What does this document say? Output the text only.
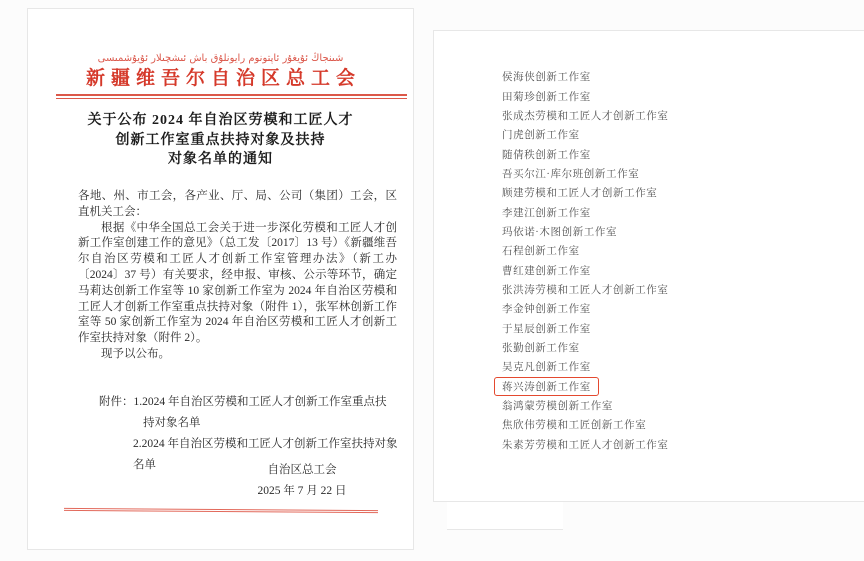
شىنجاڭ ئۇيغۇر ئاپتونوم رايونلۇق باش ئىشچىلار ئۇيۇشمىسى
新疆维吾尔自治区总工会
关于公布 2024 年自治区劳模和工匠人才
创新工作室重点扶持对象及扶持
对象名单的通知

各地、州、市工会，各产业、厅、局、公司（集团）工会，区直机关工会：

根据《中华全国总工会关于进一步深化劳模和工匠人才创新工作室创建工作的意见》（总工发〔2017〕13 号）《新疆维吾尔自治区劳模和工匠人才创新工作室管理办法》（新工办〔2024〕37 号）有关要求，经申报、审核、公示等环节，确定马莉达创新工作室等 10 家创新工作室为 2024 年自治区劳模和工匠人才创新工作室重点扶持对象（附件 1），张军林创新工作室等 50 家创新工作室为 2024 年自治区劳模和工匠人才创新工作室扶持对象（附件 2）。

现予以公布。

附件：1.2024 年自治区劳模和工匠人才创新工作室重点扶
持对象名单
2.2024 年自治区劳模和工匠人才创新工作室扶持对象名单	自治区总工会
2025 年 7 月 22 日
侯海侠创新工作室
田菊珍创新工作室
张成杰劳模和工匠人才创新工作室
门虎创新工作室
随倩秩创新工作室
吾买尔江·库尔班创新工作室
顾建劳模和工匠人才创新工作室
李建江创新工作室
玛依诺·木图创新工作室
石程创新工作室
曹红建创新工作室
张洪涛劳模和工匠人才创新工作室
李金钟创新工作室
于星辰创新工作室
张勤创新工作室
吴克凡创新工作室
蒋兴涛创新工作室
翁鸿蒙劳模创新工作室
焦欣伟劳模和工匠创新工作室
朱素芳劳模和工匠人才创新工作室
